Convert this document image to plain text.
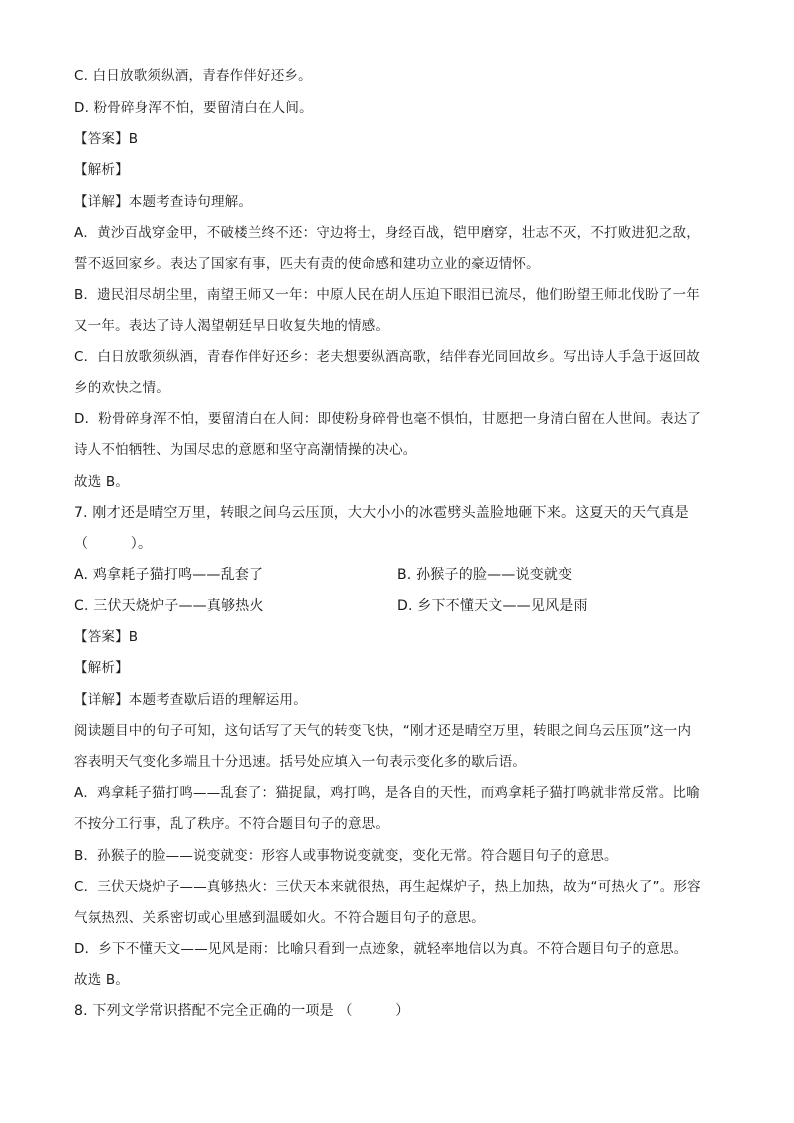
C. 白日放歌须纵酒，青春作伴好还乡。
D. 粉骨碎身浑不怕，要留清白在人间。
【答案】B
【解析】
【详解】本题考查诗句理解。
A．黄沙百战穿金甲，不破楼兰终不还：守边将士，身经百战，铠甲磨穿，壮志不灭，不打败进犯之敌，
誓不返回家乡。表达了国家有事，匹夫有责的使命感和建功立业的豪迈情怀。
B．遗民泪尽胡尘里，南望王师又一年：中原人民在胡人压迫下眼泪已流尽，他们盼望王师北伐盼了一年
又一年。表达了诗人渴望朝廷早日收复失地的情感。
C．白日放歌须纵酒，青春作伴好还乡：老夫想要纵酒高歌，结伴春光同回故乡。写出诗人手急于返回故
乡的欢快之情。
D．粉骨碎身浑不怕，要留清白在人间：即使粉身碎骨也毫不惧怕，甘愿把一身清白留在人世间。表达了
诗人不怕牺牲、为国尽忠的意愿和坚守高潮情操的决心。
故选 B。
7. 刚才还是晴空万里，转眼之间乌云压顶，大大小小的冰雹劈头盖脸地砸下来。这夏天的天气真是
（　　　）。
A. 鸡拿耗子猫打鸣——乱套了	B. 孙猴子的脸——说变就变
C. 三伏天烧炉子——真够热火	D. 乡下不懂天文——见风是雨
【答案】B
【解析】
【详解】本题考查歇后语的理解运用。
阅读题目中的句子可知，这句话写了天气的转变飞快，“刚才还是晴空万里，转眼之间乌云压顶”这一内
容表明天气变化多端且十分迅速。括号处应填入一句表示变化多的歇后语。
A．鸡拿耗子猫打鸣——乱套了：猫捉鼠，鸡打鸣，是各自的天性，而鸡拿耗子猫打鸣就非常反常。比喻
不按分工行事，乱了秩序。不符合题目句子的意思。
B．孙猴子的脸——说变就变：形容人或事物说变就变，变化无常。符合题目句子的意思。
C．三伏天烧炉子——真够热火：三伏天本来就很热，再生起煤炉子，热上加热，故为“可热火了”。形容
气氛热烈、关系密切或心里感到温暖如火。不符合题目句子的意思。
D．乡下不懂天文——见风是雨：比喻只看到一点迹象，就轻率地信以为真。不符合题目句子的意思。
故选 B。
8. 下列文学常识搭配不完全正确的一项是 （　　　）
